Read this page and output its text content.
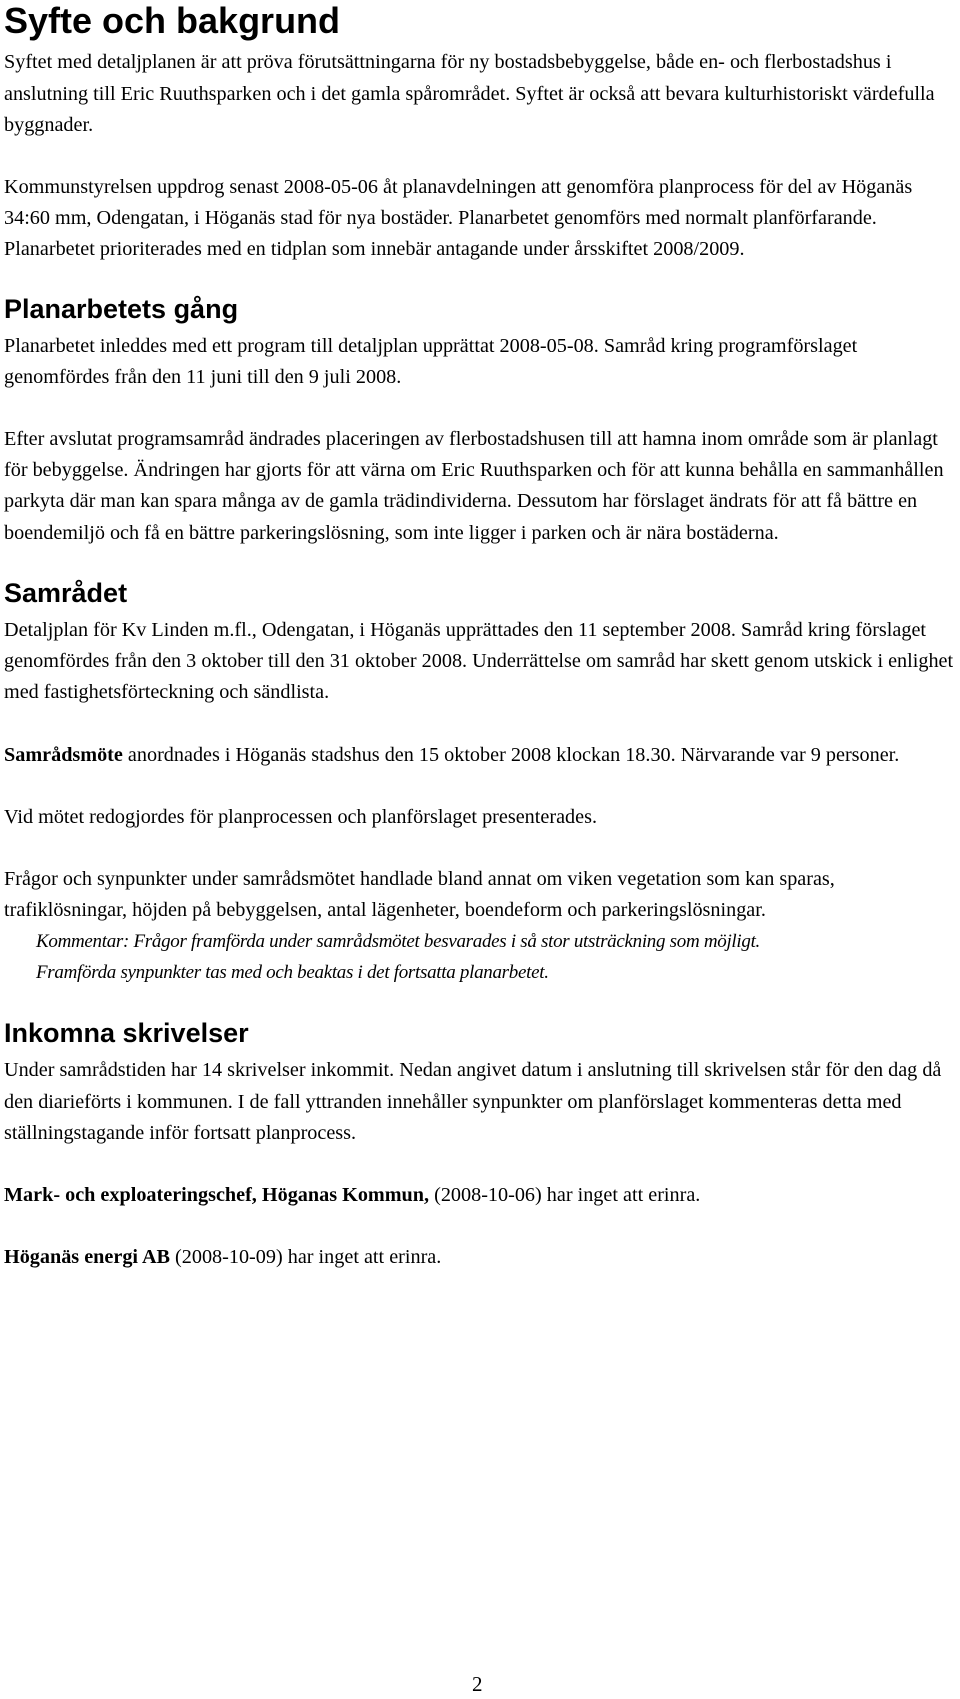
Syfte och bakgrund

Syftet med detaljplanen är att pröva förutsättningarna för ny bostadsbebyggelse, både en- och flerbostadshus i anslutning till Eric Ruuthsparken och i det gamla spårområdet. Syftet är också att bevara kulturhistoriskt värdefulla byggnader.

Kommunstyrelsen uppdrog senast 2008-05-06 åt planavdelningen att genomföra planprocess för del av Höganäs 34:60 mm, Odengatan, i Höganäs stad för nya bostäder. Planarbetet genomförs med normalt planförfarande. Planarbetet prioriterades med en tidplan som innebär antagande under årsskiftet 2008/2009.

Planarbetets gång

Planarbetet inleddes med ett program till detaljplan upprättat 2008-05-08. Samråd kring programförslaget genomfördes från den 11 juni till den 9 juli 2008.

Efter avslutat programsamråd ändrades placeringen av flerbostadshusen till att hamna inom område som är planlagt för bebyggelse. Ändringen har gjorts för att värna om Eric Ruuthsparken och för att kunna behålla en sammanhållen parkyta där man kan spara många av de gamla trädindividerna. Dessutom har förslaget ändrats för att få bättre en boendemiljö och få en bättre parkeringslösning, som inte ligger i parken och är nära bostäderna.

Samrådet

Detaljplan för Kv Linden m.fl., Odengatan, i Höganäs upprättades den 11 september 2008. Samråd kring förslaget genomfördes från den 3 oktober till den 31 oktober 2008. Underrättelse om samråd har skett genom utskick i enlighet med fastighetsförteckning och sändlista.

Samrådsmöte anordnades i Höganäs stadshus den 15 oktober 2008 klockan 18.30. Närvarande var 9 personer.

Vid mötet redogjordes för planprocessen och planförslaget presenterades.

Frågor och synpunkter under samrådsmötet handlade bland annat om viken vegetation som kan sparas, trafiklösningar, höjden på bebyggelsen, antal lägenheter, boendeform och parkeringslösningar.

Kommentar: Frågor framförda under samrådsmötet besvarades i så stor utsträckning som möjligt.

Framförda synpunkter tas med och beaktas i det fortsatta planarbetet.

Inkomna skrivelser

Under samrådstiden har 14 skrivelser inkommit. Nedan angivet datum i anslutning till skrivelsen står för den dag då den diarieförts i kommunen. I de fall yttranden innehåller synpunkter om planförslaget kommenteras detta med ställningstagande inför fortsatt planprocess.

Mark- och exploateringschef, Höganas Kommun, (2008-10-06) har inget att erinra.

Höganäs energi AB (2008-10-09) har inget att erinra.

2
